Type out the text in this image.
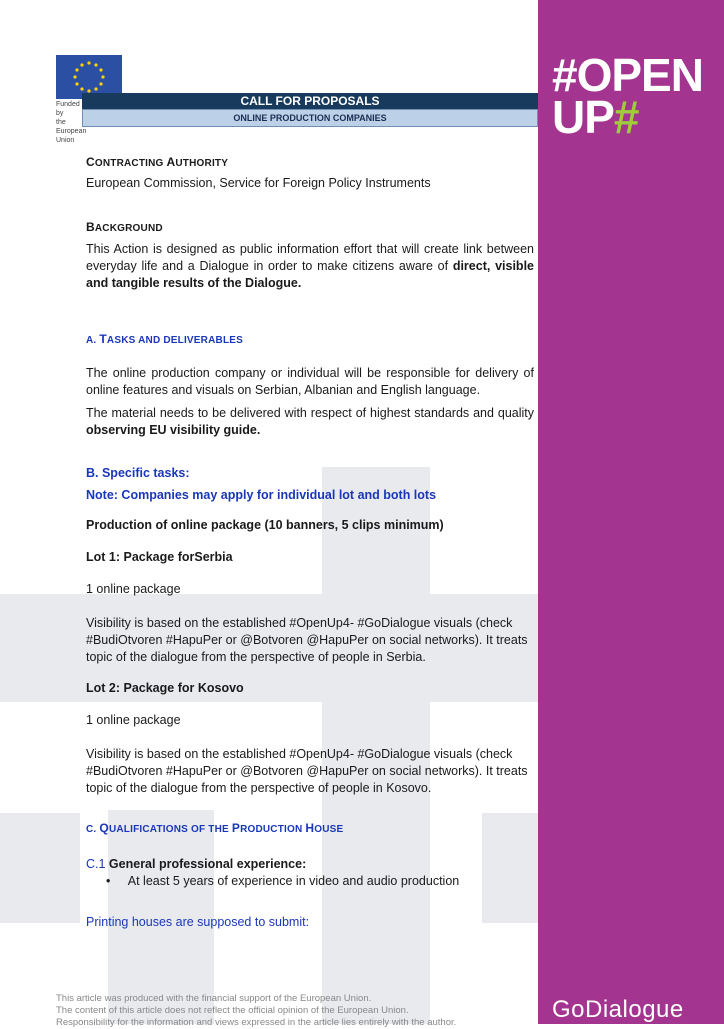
#OPEN
UP#
GoDialogue
Funded by
the European Union
CALL FOR PROPOSALS
ONLINE PRODUCTION COMPANIES
CONTRACTING AUTHORITY
European Commission, Service for Foreign Policy Instruments
BACKGROUND
This Action is designed as public information effort that will create link between everyday life and a Dialogue in order to make citizens aware of direct, visible and tangible results of the Dialogue.
A. TASKS AND DELIVERABLES
The online production company or individual will be responsible for delivery of online features and visuals on Serbian, Albanian and English language.
The material needs to be delivered with respect of highest standards and quality observing EU visibility guide.
B. Specific tasks:
Note: Companies may apply for individual lot and both lots
Production of online package (10 banners, 5 clips minimum)
Lot 1: Package forSerbia
1 online package
Visibility is based on the established #OpenUp4- #GoDialogue visuals (check #BudiOtvoren #HapuPer or @Botvoren @HapuPer on social networks). It treats topic of the dialogue from the perspective of people in Serbia.
Lot 2: Package for Kosovo
1 online package
Visibility is based on the established #OpenUp4- #GoDialogue visuals (check #BudiOtvoren #HapuPer or @Botvoren @HapuPer on social networks). It treats topic of the dialogue from the perspective of people in Kosovo.
C. QUALIFICATIONS OF THE PRODUCTION HOUSE
C.1 General professional experience:
• At least 5 years of experience in video and audio production
Printing houses are supposed to submit:
This article was produced with the financial support of the European Union.
The content of this article does not reflect the official opinion of the European Union.
Responsibility for the information and views expressed in the article lies entirely with the author.
